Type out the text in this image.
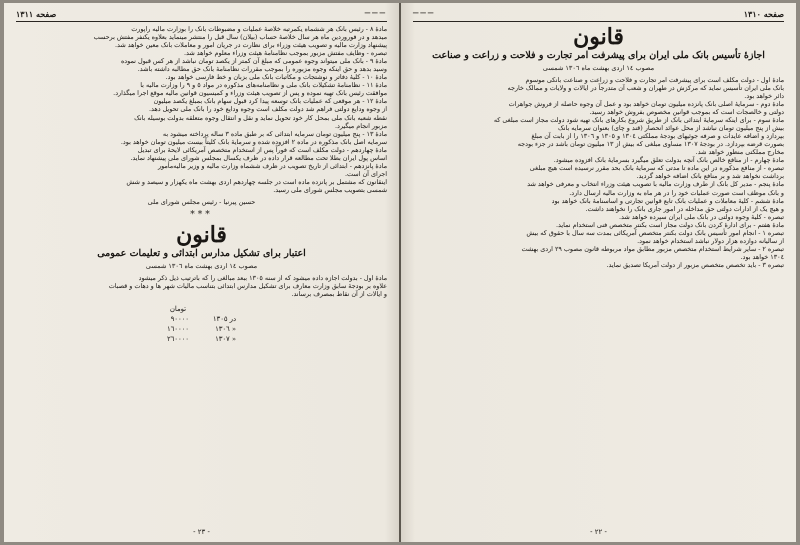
صفحه ١٣١١	───

مادهٔ ٨ - رئیس بانک هر ششماه یکمرتبه خلاصهٔ عملیات و مضبوطات بانک را بوزارت مالیه راپورت

میدهد و در فوروردین ماه هر سال خلاصهٔ حساب (بیلان) سال قبل را منتشر مینماید بعلاوه یکنفر مفتش برحسب

پیشنهاد وزارت مالیه و تصویب هیئت وزراء برای نظارت در جریان امور و معاملات بانک معین خواهد شد.

تبصره - وظایف مفتش مزبور بموجب نظامنامهٔ هیئت وزراء معلوم خواهد شد.

مادهٔ ٩ - بانک ملی میتواند وجوه عمومی که مبلغ آن کمتر از یکصد تومان نباشد از هر کس قبول نموده

وسید بدهد و حق اینکه وجوه مزبوره را بموجب مقررات نظامنامهٔ بانک حق مطالبه داشته باشد.

مادهٔ ١٠ - کلیهٔ دفاتر و نوشتجات و مکاتبات بانک ملی بزبان و خط فارسی خواهد بود.

مادهٔ ١١ - نظامنامهٔ تشکیلات بانک ملی و نظامنامه‌های مذکوره در مواد ٥ و ٩ را وزارت مالیه با

موافقت رئیس بانک تهیه نموده و پس از تصویب هیئت وزراء و کمیسیون قوانین مالیه موقع اجرا میگذارد.

مادهٔ ١٢ - هر موقعی که عملیات بانک توسعه پیدا کرد قبول سهام بانک بمبلغ یکصد میلیون

از وجوه ودایع دولتی فراهم شد دولت مکلف است وجوه ودایع خود را بانک ملی تحویل دهد.

نقطه شعبه بانک ملی بمحل کار خود تحویل نماید و نقل و انتقال وجوه متعلقه بدولت بوسیله بانک

مزبور انجام میگیرد.

مادهٔ ١٣ - پنج میلیون تومان سرمایه ابتدائی که بر طبق ماده ٣ ساله پرداخته میشود به

سرمایه اصل بانک مذکوره در ماده ٢ افزوده شده و سرمایهٔ بانک کلیتاً بیست میلیون تومان خواهد بود.

مادهٔ چهاردهم - دولت مکلف است که فوراً پس از استخدام متخصص آمریکائی لایحهٔ برای تبدیل

اساس پول ایران بطلا تحت مطالعه قرار داده در ظرف یکسال بمجلس شورای ملی پیشنهاد نماید.

مادهٔ پانزدهم - ابتدائی از تاریخ تصویب در ظرف ششماه وزارت مالیه و وزیر مالیه‌مأمور

اجرای آن است.

اینقانون که مشتمل بر پانزده ماده است در جلسه چهاردهم اردی بهشت ماه یکهزار و سیصد و شش

شمسی بتصویب مجلس شورای ملی رسید.

حسین پیرنیا - رئیس مجلس شورای ملی
***
قانون
اعتبار برای تشکیل مدارس ابتدائی و تعلیمات عمومی
مصوب ١٤ اردی بهشت ماه ١٣٠٦ شمسی

مادهٔ اول - بدولت اجازه داده میشود که از سنه ١٣٠٥ ببعد مبالغی را که باترتیب ذیل ذکر میشود

علاوه بر بودجهٔ سابق وزارت معارف برای تشکیل مدارس ابتدائی بتناسب مالیات شهر ها و دهات و قصبات

و ایالات از آن نقاط بمصرف برساند.

	تومان
در ١٣٠٥	٩٠٠٠٠
« ١٣٠٦	١٦٠٠٠٠
« ١٣٠٧	٢٦٠٠٠٠
- ٢٣ -
───	صفحه ١٣١٠
قانون
اجازهٔ تأسیس بانک ملی ایران برای پیشرفت امر تجارت و فلاحت و زراعت و صناعت
مصوب ١٤ اردی بهشت ماه ١٣٠٦ شمسی

مادهٔ اول - دولت مکلف است برای پیشرفت امر تجارت و فلاحت و زراعت و صناعت بانکی موسوم

بانک ملی ایران تأسیس نماید که مرکزش در طهران و شعب آن متدرجاً در ایالات و ولایات و ممالک خارجه

دائر خواهد بود.

مادهٔ دوم - سرمایهٔ اصلی بانک پانزده میلیون تومان خواهد بود و عمل آن وجوه حاصله از فروش جواهرات

دولتی و خالصجات است که بموجب قوانین مخصوص بفروش خواهد رسید.

مادهٔ سوم - برای اینکه سرمایهٔ ابتدائی بانک از طریق شروع بکارهای بانک تهیه شود دولت مجاز است مبلغی که

بیش از پنج میلیون تومان نباشد از محل عوائد انحصار (قند و چای) بعنوان سرمایه بانک

بپردازد و اضافه عایدات و صرفه جوئیهای بودجهٔ مملکتی ١٣٠٤ و ١٣٠٥ و ١٣٠٦ را از بابت آن مبلغ

بصورت قرضه بپردازد. در بودجهٔ ١٣٠٧ مساوی مبلغی که بیش از ١٣ میلیون تومان باشد در جزء بودجه

مخارج مملکتی منظور خواهد شد.

مادهٔ چهارم - از منافع خالص بانک آنچه بدولت تعلق میگیرد بسرمایهٔ بانک افزوده میشود.

تبصره - از منافع مذکوره در این ماده تا مدتی که سرمایهٔ بانک بحد مقرر نرسیده است هیچ مبلغی

برداشت نخواهد شد و بر منافع بانک اضافه خواهد گردید.

مادهٔ پنجم - مدیر کل بانک از طرف وزارت مالیه با تصویب هیئت وزراء انتخاب و معرفی خواهد شد

و بانک موظف است صورت عملیات خود را در هر ماه به وزارت مالیه ارسال دارد.

مادهٔ ششم - کلیهٔ معاملات و عملیات بانک تابع قوانین تجارتی و اساسنامهٔ بانک خواهد بود

و هیچ یک از ادارات دولتی حق مداخله در امور جاری بانک را نخواهند داشت.

تبصره - کلیهٔ وجوه دولتی در بانک ملی ایران سپرده خواهد شد.

مادهٔ هفتم - برای ادارهٔ کردن بانک دولت مجاز است بکنتر متخصص فنی استخدام نماید.

تبصره ١ - انجام امور تأسیس بانک دولت بکنتر متخصص آمریکائی بمدت سه سال با حقوق که بیش

از سالیانه دوازده هزار دولار نباشد استخدام خواهد نمود.

تبصره ٢ - سایر شرایط استخدام متخصص مزبور مطابق مواد مربوطه قانون مصوب ٢٩ اردی بهشت

١٣٠٤ خواهد بود.

تبصره ٣ - باید تخصص متخصص مزبور از دولت آمریکا تصدیق نماید.

- ٢٢ -
